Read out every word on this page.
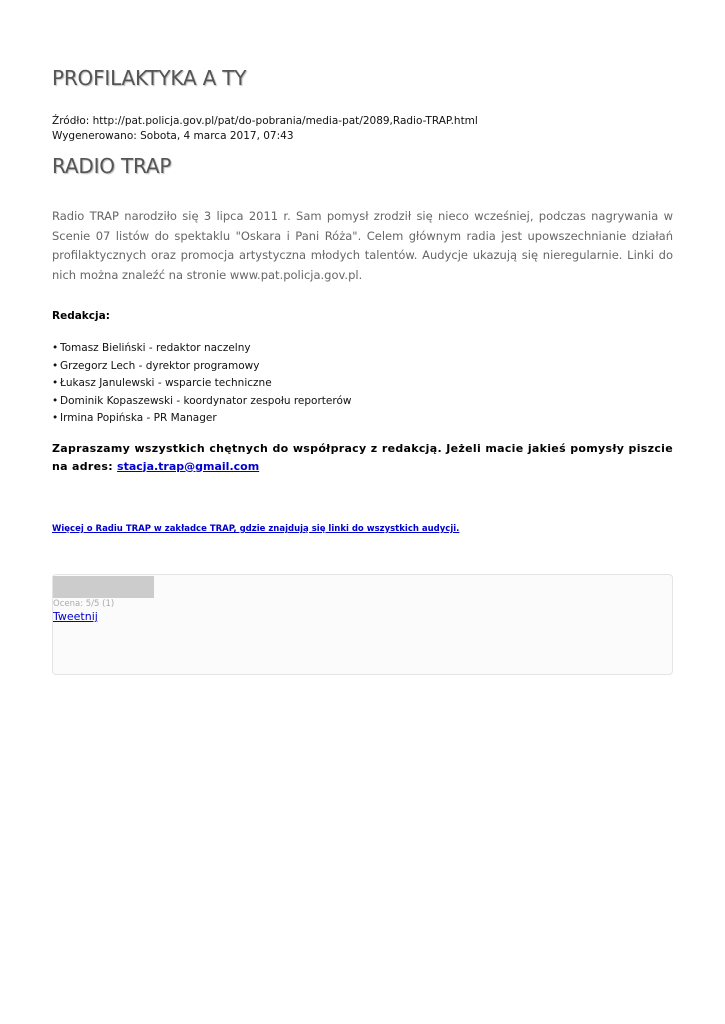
PROFILAKTYKA A TY
Źródło: http://pat.policja.gov.pl/pat/do-pobrania/media-pat/2089,Radio-TRAP.html
Wygenerowano: Sobota, 4 marca 2017, 07:43
RADIO TRAP

Radio TRAP narodziło się 3 lipca 2011 r. Sam pomysł zrodził się nieco wcześniej, podczas nagrywania w Scenie 07 listów do spektaklu "Oskara i Pani Róża". Celem głównym radia jest upowszechnianie działań profilaktycznych oraz promocja artystyczna młodych talentów. Audycje ukazują się nieregularnie. Linki do nich można znaleźć na stronie www.pat.policja.gov.pl.

Redakcja:
• Tomasz Bieliński - redaktor naczelny
• Grzegorz Lech - dyrektor programowy
• Łukasz Janulewski - wsparcie techniczne
• Dominik Kopaszewski - koordynator zespołu reporterów
• Irmina Popińska - PR Manager

Zapraszamy wszystkich chętnych do współpracy z redakcją. Jeżeli macie jakieś pomysły piszcie na adres: stacja.trap@gmail.com

Więcej o Radiu TRAP w zakładce TRAP, gdzie znajdują się linki do wszystkich audycji.
Ocena: 5/5 (1)
Tweetnij
